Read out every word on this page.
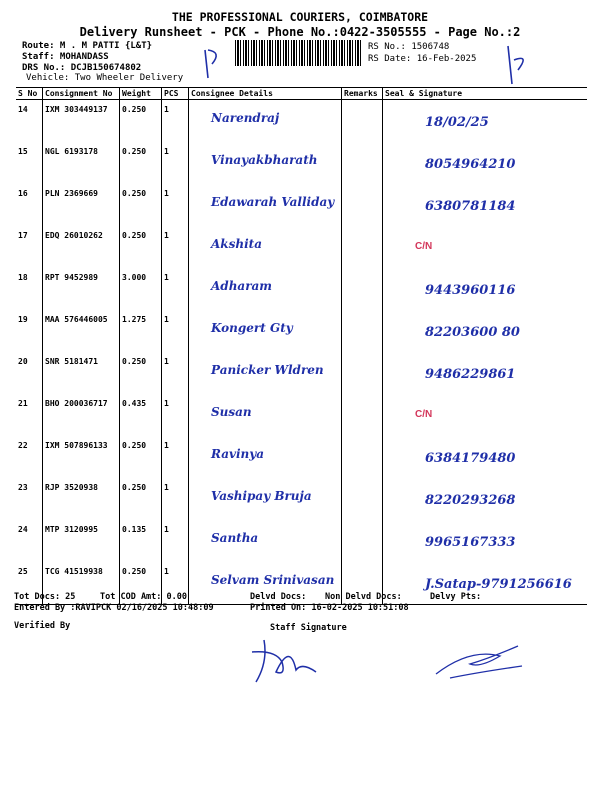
THE PROFESSIONAL COURIERS, COIMBATORE
Delivery Runsheet - PCK - Phone No.:0422-3505555 - Page No.:2
Route: M . M PATTI {L&T}
Staff: MOHANDASS
DRS No.: DCJB150674802
Vehicle: Two Wheeler Delivery
RS No.: 1506748
RS Date: 16-Feb-2025
S No	Consignment No	Weight	PCS	Consignee Details	Remarks	Seal & Signature
14	IXM 303449137	0.250	1	Narendraj		18/02/25
15	NGL 6193178	0.250	1	Vinayakbharath		8054964210
16	PLN 2369669	0.250	1	Edawarah Valliday		6380781184
17	EDQ 26010262	0.250	1	Akshita		C/N
18	RPT 9452989	3.000	1	Adharam		9443960116
19	MAA 576446005	1.275	1	Kongert Gty		82203600 80
20	SNR 5181471	0.250	1	Panicker Wldren		9486229861
21	BHO 200036717	0.435	1	Susan		C/N
22	IXM 507896133	0.250	1	Ravinya		6384179480
23	RJP 3520938	0.250	1	Vashipay Bruja		8220293268
24	MTP 3120995	0.135	1	Santha		9965167333
25	TCG 41519938	0.250	1	Selvam Srinivasan		J.Satap-9791256616
Tot Docs: 25	Tot COD Amt: 0.00	Delvd Docs: Non Delvd Docs:	Delvy Pts:
Entered By :RAVIPCK 02/16/2025 10:48:09	Printed On: 16-02-2025 10:51:08
Verified By	Staff Signature
